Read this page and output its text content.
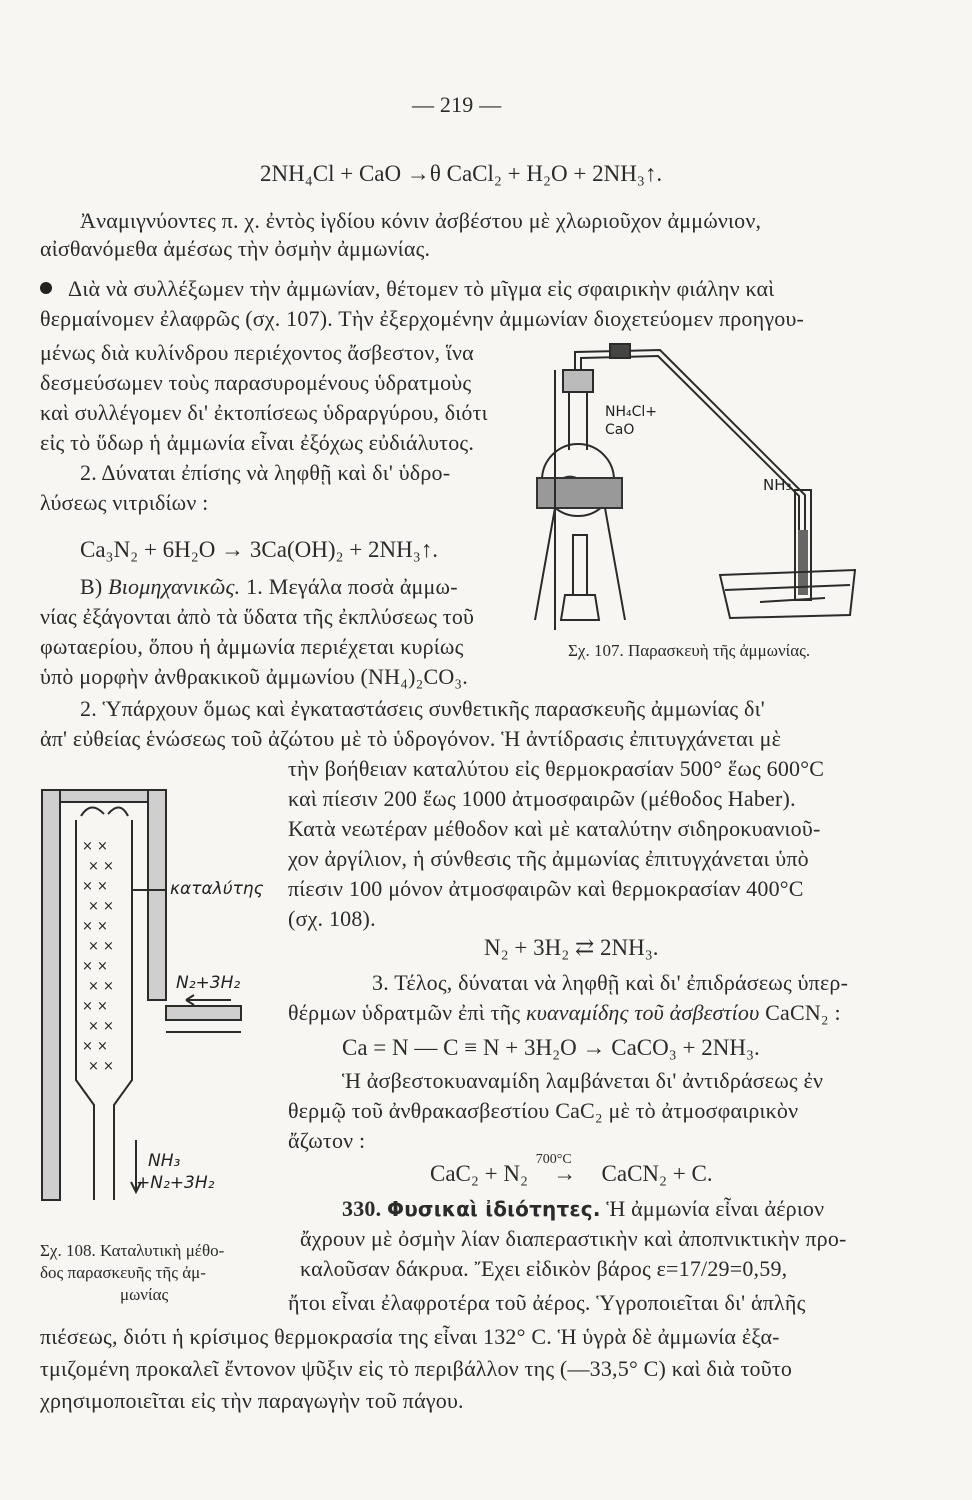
— 219 —
2NH₄Cl + CaO →θ CaCl₂ + H₂O + 2NH₃↑.
Ἀναμιγνύοντες π. χ. ἐντὸς ἰγδίου κόνιν ἀσβέστου μὲ χλωριοῦχον ἀμμώνιον,
αἰσθανόμεθα ἀμέσως τὴν ὀσμὴν ἀμμωνίας.
Διὰ νὰ συλλέξωμεν τὴν ἀμμωνίαν, θέτομεν τὸ μῖγμα εἰς σφαιρικὴν φιάλην καὶ
θερμαίνομεν ἐλαφρῶς (σχ. 107). Τὴν ἐξερχομένην ἀμμωνίαν διοχετεύομεν προηγου-
μένως διὰ κυλίνδρου περιέχοντος ἄσβεστον, ἵνα
δεσμεύσωμεν τοὺς παρασυρομένους ὑδρατμοὺς
καὶ συλλέγομεν δι' ἐκτοπίσεως ὑδραργύρου, διότι
εἰς τὸ ὕδωρ ἡ ἀμμωνία εἶναι ἐξόχως εὐδιάλυτος.
2. Δύναται ἐπίσης νὰ ληφθῇ καὶ δι' ὑδρο-
λύσεως νιτριδίων :
Ca₃N₂ + 6H₂O → 3Ca(OH)₂ + 2NH₃↑.
B) Βιομηχανικῶς. 1. Μεγάλα ποσὰ ἀμμω-
νίας ἐξάγονται ἀπὸ τὰ ὕδατα τῆς ἐκπλύσεως τοῦ
φωταερίου, ὅπου ἡ ἀμμωνία περιέχεται κυρίως
ὑπὸ μορφὴν ἀνθρακικοῦ ἀμμωνίου (NH₄)₂CO₃.
NH₄Cl+
CaO
NH₃
Σχ. 107. Παρασκευὴ τῆς ἀμμωνίας.
2. Ὑπάρχουν ὅμως καὶ ἐγκαταστάσεις συνθετικῆς παρασκευῆς ἀμμωνίας δι'
ἀπ' εὐθείας ἑνώσεως τοῦ ἀζώτου μὲ τὸ ὑδρογόνον. Ἡ ἀντίδρασις ἐπιτυγχάνεται μὲ
τὴν βοήθειαν καταλύτου εἰς θερμοκρασίαν 500° ἕως 600°C
καὶ πίεσιν 200 ἕως 1000 ἀτμοσφαιρῶν (μέθοδος Haber).
Κατὰ νεωτέραν μέθοδον καὶ μὲ καταλύτην σιδηροκυανιοῦ-
χον ἀργίλιον, ἡ σύνθεσις τῆς ἀμμωνίας ἐπιτυγχάνεται ὑπὸ
πίεσιν 100 μόνον ἀτμοσφαιρῶν καὶ θερμοκρασίαν 400°C
(σχ. 108).
N₂ + 3H₂ ⇄ 2NH₃.
3. Τέλος, δύναται νὰ ληφθῇ καὶ δι' ἐπιδράσεως ὑπερ-
θέρμων ὑδρατμῶν ἐπὶ τῆς κυαναμίδης τοῦ ἀσβεστίου CaCN₂ :
Ca = N — C ≡ N + 3H₂O → CaCO₃ + 2NH₃.
Ἡ ἀσβεστοκυαναμίδη λαμβάνεται δι' ἀντιδράσεως ἐν
θερμῷ τοῦ ἀνθρακασβεστίου CaC₂ μὲ τὸ ἀτμοσφαιρικὸν
ἄζωτον :
CaC₂ + N₂
700°C
→ CaCN₂ + C.
× ×
× ×
× ×
× ×
× ×
× ×
× ×
× ×
× ×
× ×
× ×
× ×
καταλύτης
N₂+3H₂
NH₃
+N₂+3H₂
Σχ. 108. Καταλυτικὴ μέθο-
δος παρασκευῆς τῆς ἀμ-
μωνίας
330. Φυσικαὶ ἰδιότητες. Ἡ ἀμμωνία εἶναι ἀέριον
ἄχρουν μὲ ὀσμὴν λίαν διαπεραστικὴν καὶ ἀποπνικτικὴν προ-
καλοῦσαν δάκρυα. Ἔχει εἰδικὸν βάρος ε=17/29=0,59,
ἤτοι εἶναι ἐλαφροτέρα τοῦ ἀέρος. Ὑγροποιεῖται δι' ἁπλῆς
πιέσεως, διότι ἡ κρίσιμος θερμοκρασία της εἶναι 132° C. Ἡ ὑγρὰ δὲ ἀμμωνία ἐξα-
τμιζομένη προκαλεῖ ἔντονον ψῦξιν εἰς τὸ περιβάλλον της (—33,5° C) καὶ διὰ τοῦτο
χρησιμοποιεῖται εἰς τὴν παραγωγὴν τοῦ πάγου.
